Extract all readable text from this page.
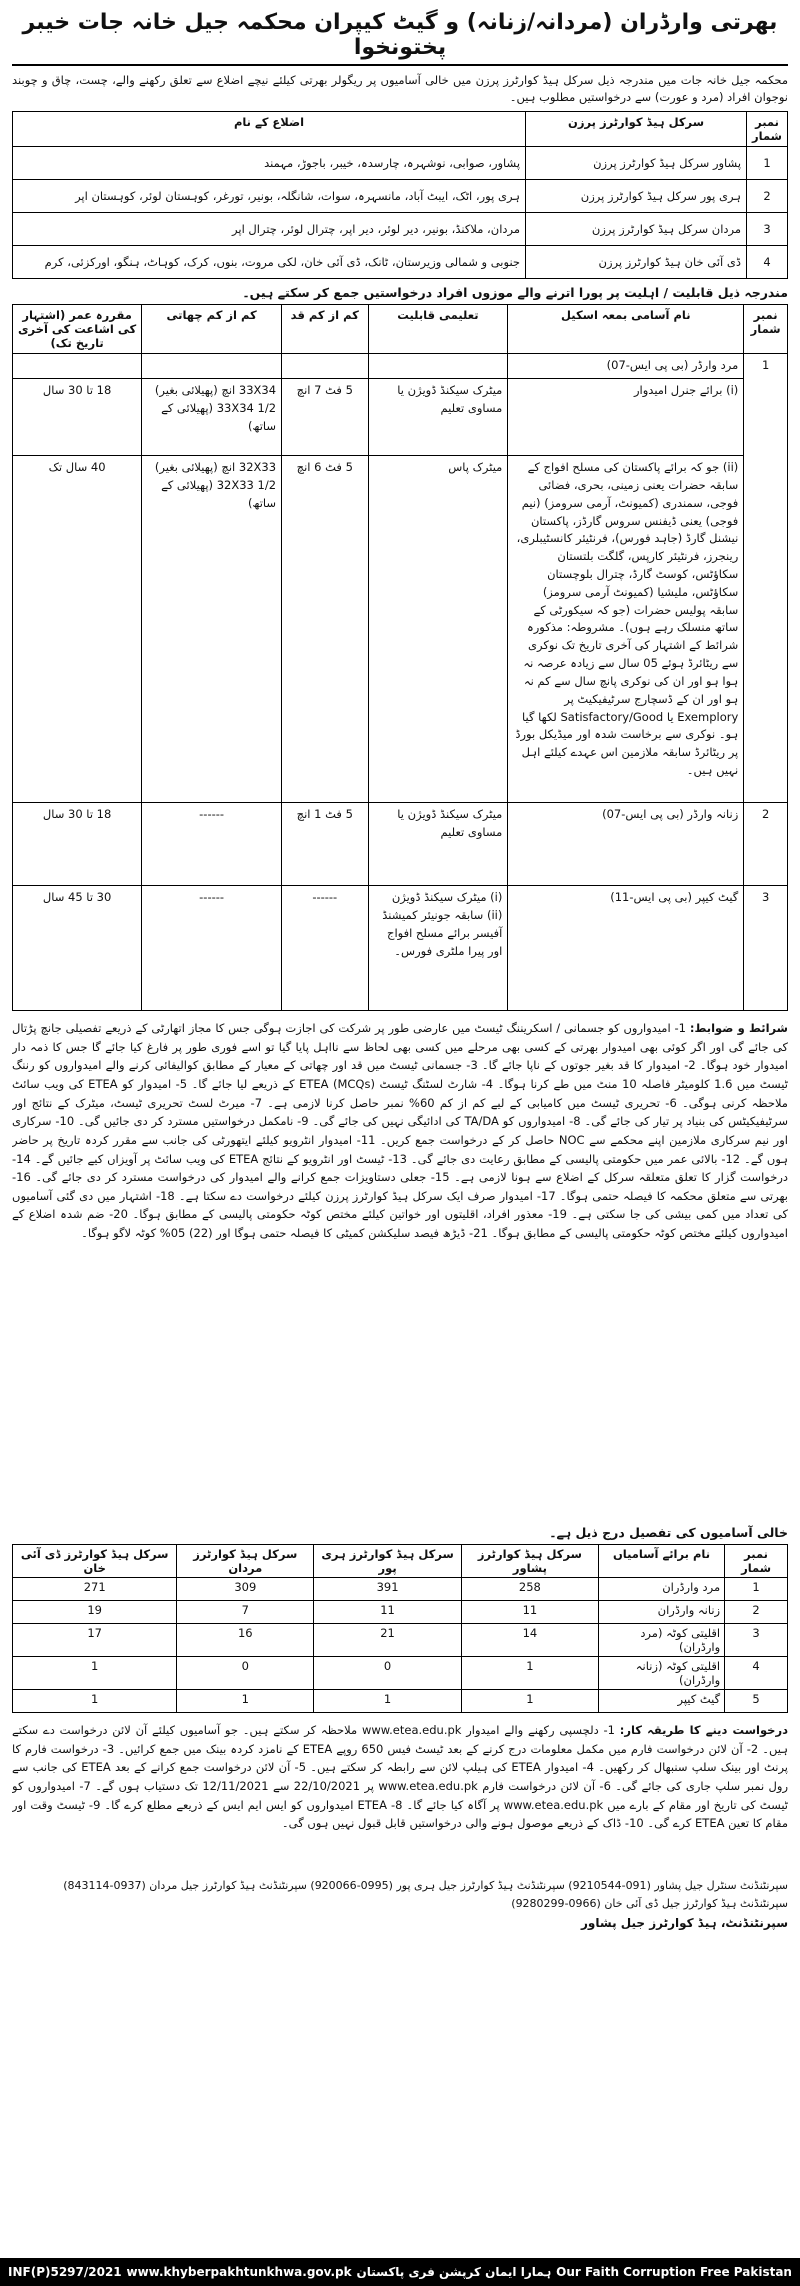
بھرتی وارڈران (مردانہ/زنانہ) و گیٹ کیپران محکمہ جیل خانہ جات خیبر پختونخوا
محکمہ جیل خانہ جات میں مندرجہ ذیل سرکل ہیڈ کوارٹرز پرزن میں خالی آسامیوں پر ریگولر بھرتی کیلئے نیچے اضلاع سے تعلق رکھنے والے، چست، چاق و چوبند نوجوان افراد (مرد و عورت) سے درخواستیں مطلوب ہیں۔
نمبر شمار	سرکل ہیڈ کوارٹرز پرزن	اضلاع کے نام
1	پشاور سرکل ہیڈ کوارٹرز پرزن	پشاور، صوابی، نوشہرہ، چارسدہ، خیبر، باجوڑ، مہمند
2	ہری پور سرکل ہیڈ کوارٹرز پرزن	ہری پور، اٹک، ایبٹ آباد، مانسہرہ، سوات، شانگلہ، بونیر، تورغر، کوہستان لوئر، کوہستان اپر
3	مردان سرکل ہیڈ کوارٹرز پرزن	مردان، ملاکنڈ، بونیر، دیر لوئر، دیر اپر، چترال لوئر، چترال اپر
4	ڈی آئی خان ہیڈ کوارٹرز پرزن	جنوبی و شمالی وزیرستان، ٹانک، ڈی آئی خان، لکی مروت، بنوں، کرک، کوہاٹ، ہنگو، اورکزئی، کرم
مندرجہ ذیل قابلیت / اہلیت پر پورا اترنے والے موزوں افراد درخواستیں جمع کر سکتے ہیں۔
نمبر شمار	نام آسامی بمعہ اسکیل	تعلیمی قابلیت	کم از کم قد	کم از کم چھاتی	مقررہ عمر (اشتہار کی اشاعت کی آخری تاریخ تک)
1	مرد وارڈر (بی پی ایس-07)				
	(i) برائے جنرل امیدوار	میٹرک سیکنڈ ڈویژن یا مساوی تعلیم	5 فٹ 7 انچ	33X34 انچ (پھیلائی بغیر) 1/2 33X34 (پھیلائی کے ساتھ)	18 تا 30 سال
	(ii) جو کہ برائے پاکستان کی مسلح افواج کے سابقہ حضرات یعنی زمینی، بحری، فضائی فوجی، سمندری (کمیونٹ، آرمی سرومز) (نیم فوجی) یعنی ڈیفنس سروس گارڈز، پاکستان نیشنل گارڈ (جاہد فورس)، فرنٹیئر کانسٹیبلری، رینجرز، فرنٹیئر کارپس، گلگت بلتستان سکاؤٹس، کوسٹ گارڈ، چترال بلوچستان سکاؤٹس، ملیشیا (کمیونٹ آرمی سرومز) سابقہ پولیس حضرات (جو کہ سیکورٹی کے ساتھ منسلک رہے ہوں)۔ مشروطہ: مذکورہ شرائط کے اشتہار کی آخری تاریخ تک نوکری سے ریٹائرڈ ہوئے 05 سال سے زیادہ عرصہ نہ ہوا ہو اور ان کی نوکری پانچ سال سے کم نہ ہو اور ان کے ڈسچارج سرٹیفیکیٹ پر Satisfactory/Good یا Exemplory لکھا گیا ہو۔ نوکری سے برخاست شدہ اور میڈیکل بورڈ پر ریٹائرڈ سابقہ ملازمین اس عہدے کیلئے اہل نہیں ہیں۔	میٹرک پاس	5 فٹ 6 انچ	32X33 انچ (پھیلائی بغیر) 1/2 32X33 (پھیلائی کے ساتھ)	40 سال تک
2	زنانہ وارڈر (بی پی ایس-07)	میٹرک سیکنڈ ڈویژن یا مساوی تعلیم	5 فٹ 1 انچ	------	18 تا 30 سال
3	گیٹ کیپر (بی پی ایس-11)	(i) میٹرک سیکنڈ ڈویژن (ii) سابقہ جونیئر کمیشنڈ آفیسر برائے مسلح افواج اور پیرا ملٹری فورس۔	------	------	30 تا 45 سال
شرائط و ضوابط: 1- امیدواروں کو جسمانی / اسکریننگ ٹیسٹ میں عارضی طور پر شرکت کی اجازت ہوگی جس کا مجاز اتھارٹی کے ذریعے تفصیلی جانچ پڑتال کی جائے گی اور اگر کوئی بھی امیدوار بھرتی کے کسی بھی مرحلے میں کسی بھی لحاظ سے نااہل پایا گیا تو اسے فوری طور پر فارغ کیا جائے گا جس کا ذمہ دار امیدوار خود ہوگا۔ 2- امیدوار کا قد بغیر جوتوں کے ناپا جائے گا۔ 3- جسمانی ٹیسٹ میں قد اور چھاتی کے معیار کے مطابق کوالیفائی کرنے والے امیدواروں کو رننگ ٹیسٹ میں 1.6 کلومیٹر فاصلہ 10 منٹ میں طے کرنا ہوگا۔ 4- شارٹ لسٹنگ ٹیسٹ (MCQs) ETEA کے ذریعے لیا جائے گا۔ 5- امیدوار کو ETEA کی ویب سائٹ ملاحظہ کرنی ہوگی۔ 6- تحریری ٹیسٹ میں کامیابی کے لیے کم از کم 60% نمبر حاصل کرنا لازمی ہے۔ 7- میرٹ لسٹ تحریری ٹیسٹ، میٹرک کے نتائج اور سرٹیفیکیٹس کی بنیاد پر تیار کی جائے گی۔ 8- امیدواروں کو TA/DA کی ادائیگی نہیں کی جائے گی۔ 9- نامکمل درخواستیں مسترد کر دی جائیں گی۔ 10- سرکاری اور نیم سرکاری ملازمین اپنے محکمے سے NOC حاصل کر کے درخواست جمع کریں۔ 11- امیدوار انٹرویو کیلئے ایتھورٹی کی جانب سے مقرر کردہ تاریخ پر حاضر ہوں گے۔ 12- بالائی عمر میں حکومتی پالیسی کے مطابق رعایت دی جائے گی۔ 13- ٹیسٹ اور انٹرویو کے نتائج ETEA کی ویب سائٹ پر آویزاں کیے جائیں گے۔ 14- درخواست گزار کا تعلق متعلقہ سرکل کے اضلاع سے ہونا لازمی ہے۔ 15- جعلی دستاویزات جمع کرانے والے امیدوار کی درخواست مسترد کر دی جائے گی۔ 16- بھرتی سے متعلق محکمہ کا فیصلہ حتمی ہوگا۔ 17- امیدوار صرف ایک سرکل ہیڈ کوارٹرز پرزن کیلئے درخواست دے سکتا ہے۔ 18- اشتہار میں دی گئی آسامیوں کی تعداد میں کمی بیشی کی جا سکتی ہے۔ 19- معذور افراد، اقلیتوں اور خواتین کیلئے مختص کوٹہ حکومتی پالیسی کے مطابق ہوگا۔ 20- ضم شدہ اضلاع کے امیدواروں کیلئے مختص کوٹہ حکومتی پالیسی کے مطابق ہوگا۔ 21- ڈیڑھ فیصد سلیکشن کمیٹی کا فیصلہ حتمی ہوگا اور (22) 05% کوٹہ لاگو ہوگا۔
خالی آسامیوں کی تفصیل درج ذیل ہے۔
نمبر شمار	نام برائے آسامیاں	سرکل ہیڈ کوارٹرز پشاور	سرکل ہیڈ کوارٹرز ہری پور	سرکل ہیڈ کوارٹرز مردان	سرکل ہیڈ کوارٹرز ڈی آئی خان
1	مرد وارڈران	258	391	309	271
2	زنانہ وارڈران	11	11	7	19
3	اقلیتی کوٹہ (مرد وارڈران)	14	21	16	17
4	اقلیتی کوٹہ (زنانہ وارڈران)	1	0	0	1
5	گیٹ کیپر	1	1	1	1
درخواست دینے کا طریقہ کار: 1- دلچسپی رکھنے والے امیدوار www.etea.edu.pk ملاحظہ کر سکتے ہیں۔ جو آسامیوں کیلئے آن لائن درخواست دے سکتے ہیں۔ 2- آن لائن درخواست فارم میں مکمل معلومات درج کرنے کے بعد ٹیسٹ فیس 650 روپے ETEA کے نامزد کردہ بینک میں جمع کرائیں۔ 3- درخواست فارم کا پرنٹ اور بینک سلپ سنبھال کر رکھیں۔ 4- امیدوار ETEA کی ہیلپ لائن سے رابطہ کر سکتے ہیں۔ 5- آن لائن درخواست جمع کرانے کے بعد ETEA کی جانب سے رول نمبر سلپ جاری کی جائے گی۔ 6- آن لائن درخواست فارم www.etea.edu.pk پر 22/10/2021 سے 12/11/2021 تک دستیاب ہوں گے۔ 7- امیدواروں کو ٹیسٹ کی تاریخ اور مقام کے بارے میں www.etea.edu.pk پر آگاہ کیا جائے گا۔ 8- ETEA امیدواروں کو ایس ایم ایس کے ذریعے مطلع کرے گا۔ 9- ٹیسٹ وقت اور مقام کا تعین ETEA کرے گی۔ 10- ڈاک کے ذریعے موصول ہونے والی درخواستیں قابل قبول نہیں ہوں گی۔
سپرنٹنڈنٹ سنٹرل جیل پشاور (091-9210544) سپرنٹنڈنٹ ہیڈ کوارٹرز جیل ہری پور (0995-920066) سپرنٹنڈنٹ ہیڈ کوارٹرز جیل مردان (0937-843114)
سپرنٹنڈنٹ ہیڈ کوارٹرز جیل ڈی آئی خان (0966-9280299)
سپرنٹنڈنٹ، ہیڈ کوارٹرز جیل پشاور
INF(P)5297/2021 www.khyberpakhtunkhwa.gov.pk ہمارا ایمان کرپشن فری پاکستان Our Faith Corruption Free Pakistan
